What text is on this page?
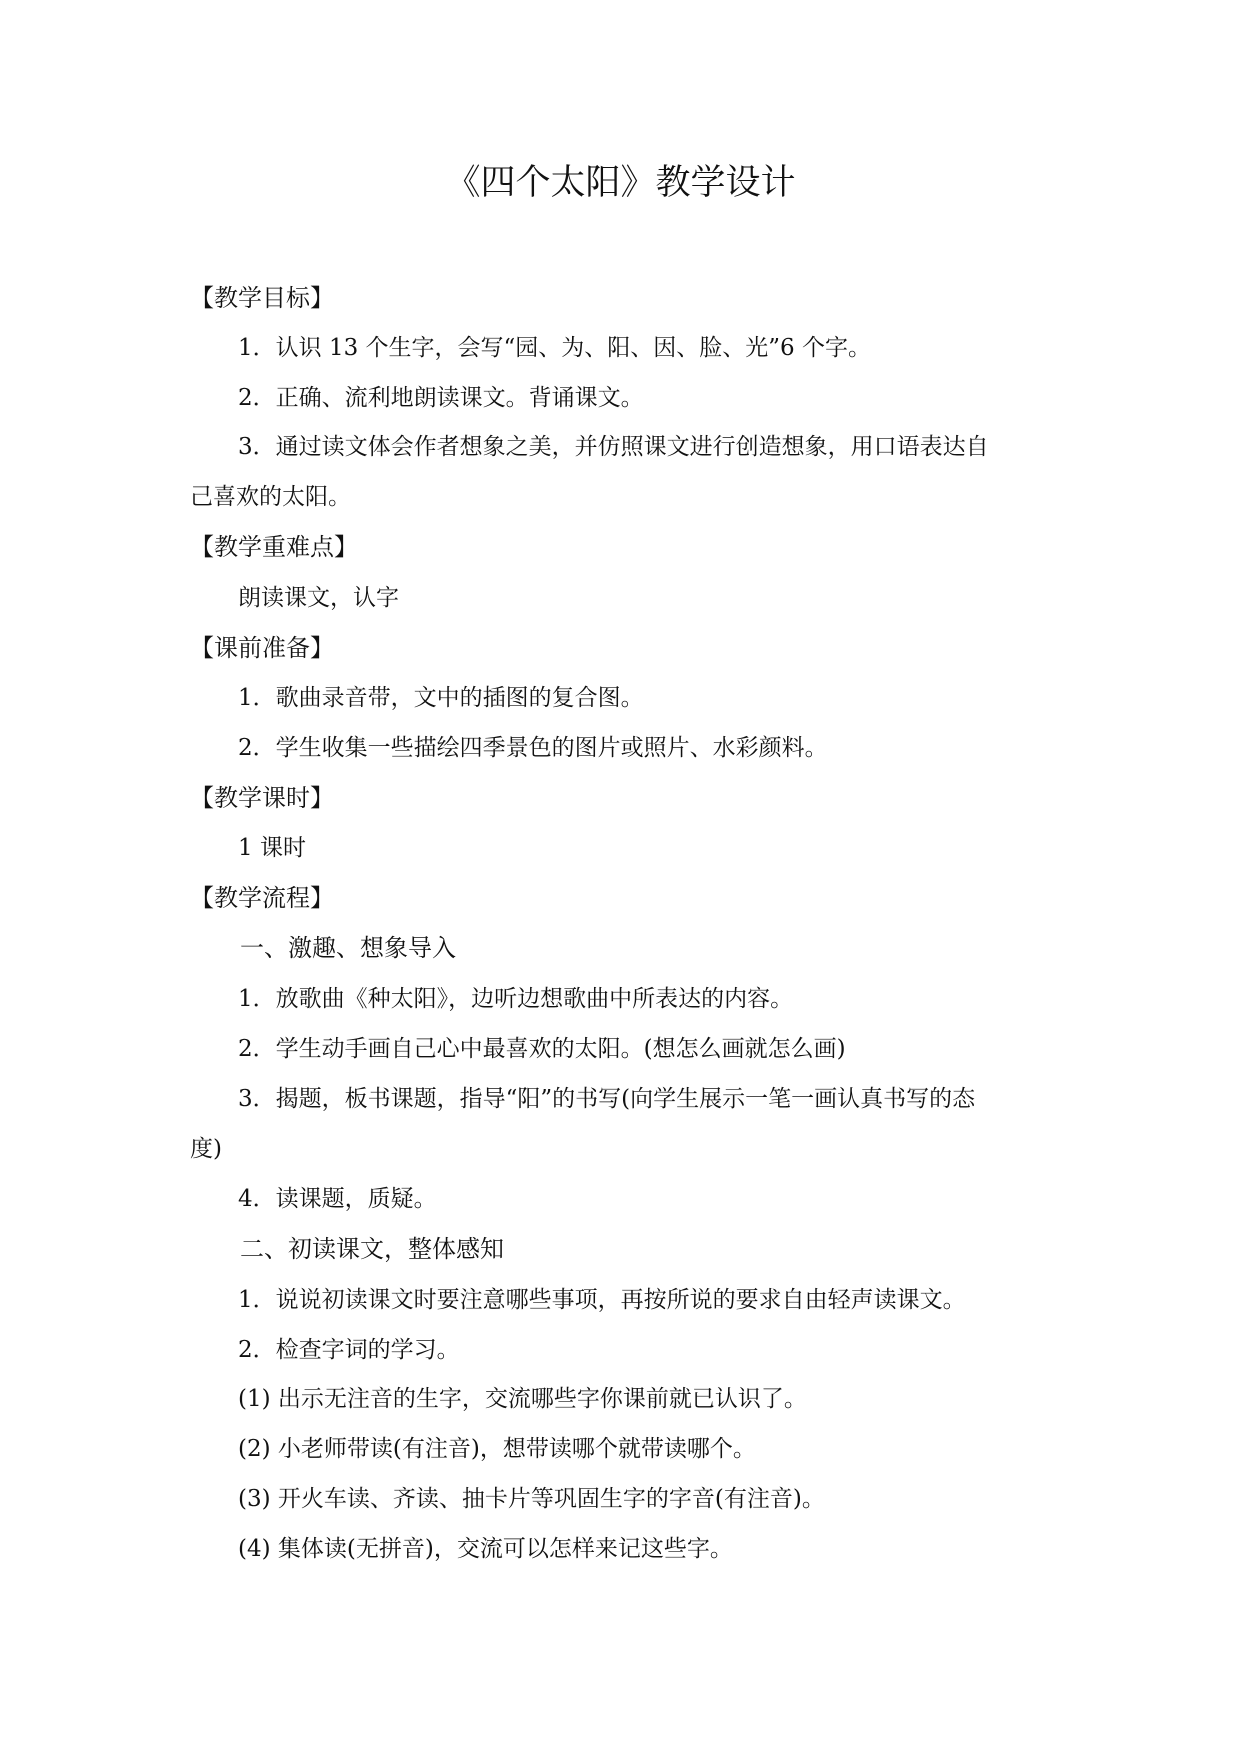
《四个太阳》教学设计
【教学目标】
1．认识 13 个生字，会写“园、为、阳、因、脸、光”6 个字。
2．正确、流利地朗读课文。背诵课文。
3．通过读文体会作者想象之美，并仿照课文进行创造想象，用口语表达自
己喜欢的太阳。
【教学重难点】
朗读课文，认字
【课前准备】
1．歌曲录音带，文中的插图的复合图。
2．学生收集一些描绘四季景色的图片或照片、水彩颜料。
【教学课时】
1 课时
【教学流程】
一、激趣、想象导入
1．放歌曲《种太阳》，边听边想歌曲中所表达的内容。
2．学生动手画自己心中最喜欢的太阳。(想怎么画就怎么画)
3．揭题，板书课题，指导“阳”的书写(向学生展示一笔一画认真书写的态
度)
4．读课题，质疑。
二、初读课文，整体感知
1．说说初读课文时要注意哪些事项，再按所说的要求自由轻声读课文。
2．检查字词的学习。
(1) 出示无注音的生字，交流哪些字你课前就已认识了。
(2) 小老师带读(有注音)，想带读哪个就带读哪个。
(3) 开火车读、齐读、抽卡片等巩固生字的字音(有注音)。
(4) 集体读(无拼音)，交流可以怎样来记这些字。
